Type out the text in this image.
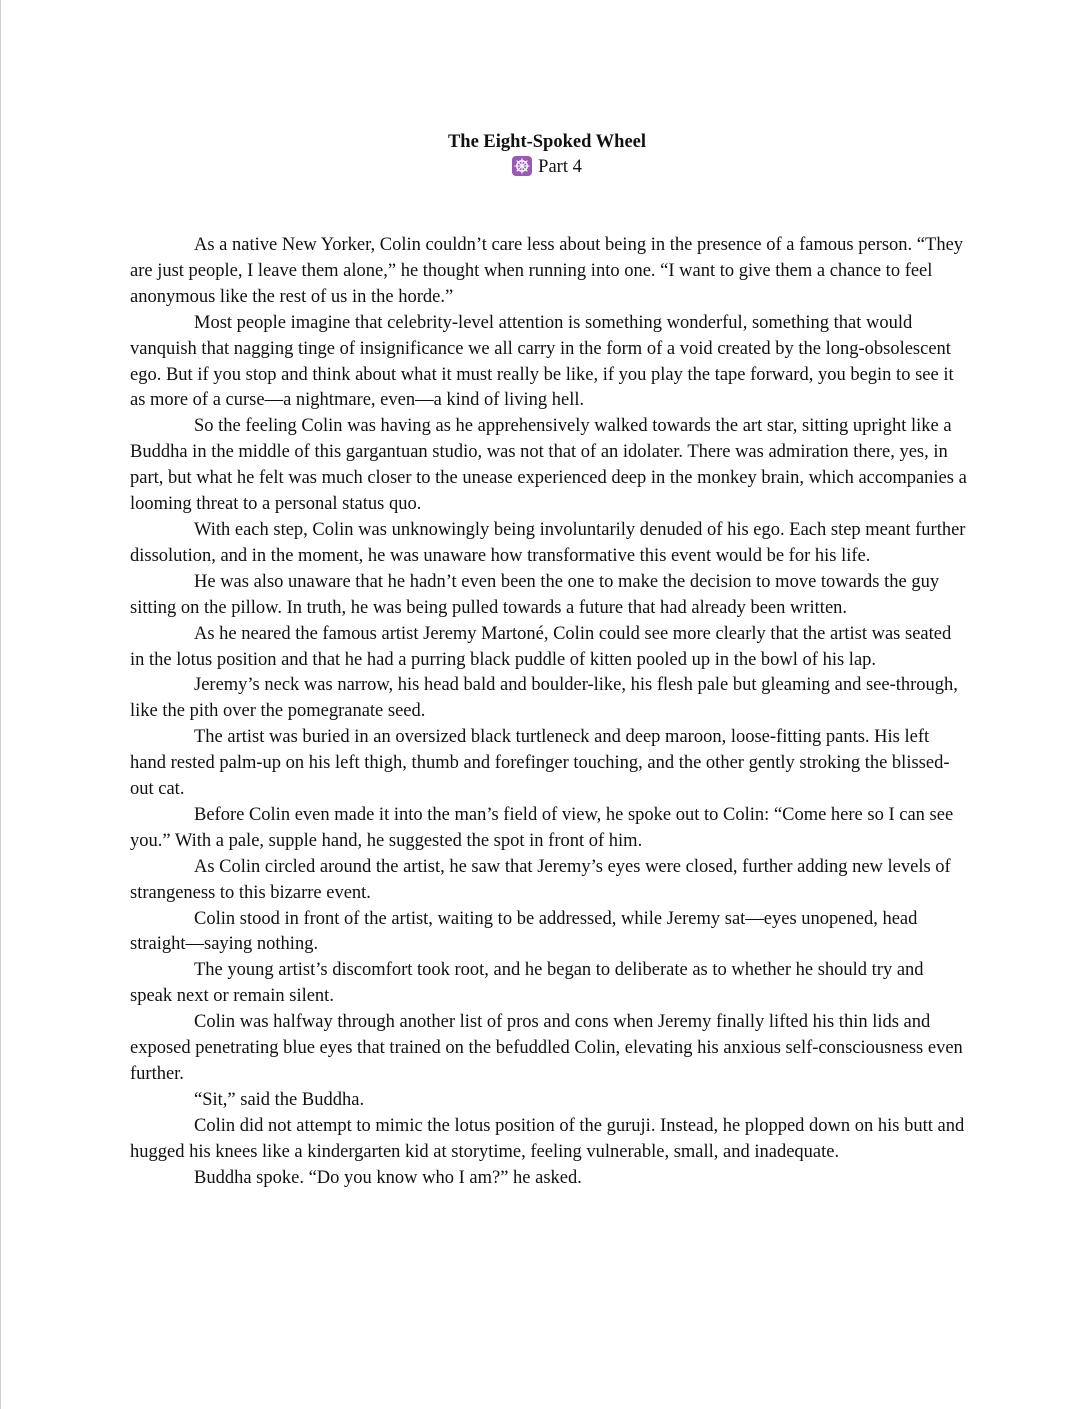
The Eight-Spoked Wheel
Part 4

As a native New Yorker, Colin couldn’t care less about being in the presence of a famous person. “They are just people, I leave them alone,” he thought when running into one. “I want to give them a chance to feel anonymous like the rest of us in the horde.”

Most people imagine that celebrity-level attention is something wonderful, something that would vanquish that nagging tinge of insignificance we all carry in the form of a void created by the long-obsolescent ego. But if you stop and think about what it must really be like, if you play the tape forward, you begin to see it as more of a curse—a nightmare, even—a kind of living hell.

So the feeling Colin was having as he apprehensively walked towards the art star, sitting upright like a Buddha in the middle of this gargantuan studio, was not that of an idolater. There was admiration there, yes, in part, but what he felt was much closer to the unease experienced deep in the monkey brain, which accompanies a looming threat to a personal status quo.

With each step, Colin was unknowingly being involuntarily denuded of his ego. Each step meant further dissolution, and in the moment, he was unaware how transformative this event would be for his life.

He was also unaware that he hadn’t even been the one to make the decision to move towards the guy sitting on the pillow. In truth, he was being pulled towards a future that had already been written.

As he neared the famous artist Jeremy Martoné, Colin could see more clearly that the artist was seated in the lotus position and that he had a purring black puddle of kitten pooled up in the bowl of his lap.

Jeremy’s neck was narrow, his head bald and boulder-like, his flesh pale but gleaming and see-through, like the pith over the pomegranate seed.

The artist was buried in an oversized black turtleneck and deep maroon, loose-fitting pants. His left hand rested palm-up on his left thigh, thumb and forefinger touching, and the other gently stroking the blissed-out cat.

Before Colin even made it into the man’s field of view, he spoke out to Colin: “Come here so I can see you.” With a pale, supple hand, he suggested the spot in front of him.

As Colin circled around the artist, he saw that Jeremy’s eyes were closed, further adding new levels of strangeness to this bizarre event.

Colin stood in front of the artist, waiting to be addressed, while Jeremy sat—eyes unopened, head straight—saying nothing.

The young artist’s discomfort took root, and he began to deliberate as to whether he should try and speak next or remain silent.

Colin was halfway through another list of pros and cons when Jeremy finally lifted his thin lids and exposed penetrating blue eyes that trained on the befuddled Colin, elevating his anxious self-consciousness even further.

“Sit,” said the Buddha.

Colin did not attempt to mimic the lotus position of the guruji. Instead, he plopped down on his butt and hugged his knees like a kindergarten kid at storytime, feeling vulnerable, small, and inadequate.

Buddha spoke. “Do you know who I am?” he asked.
